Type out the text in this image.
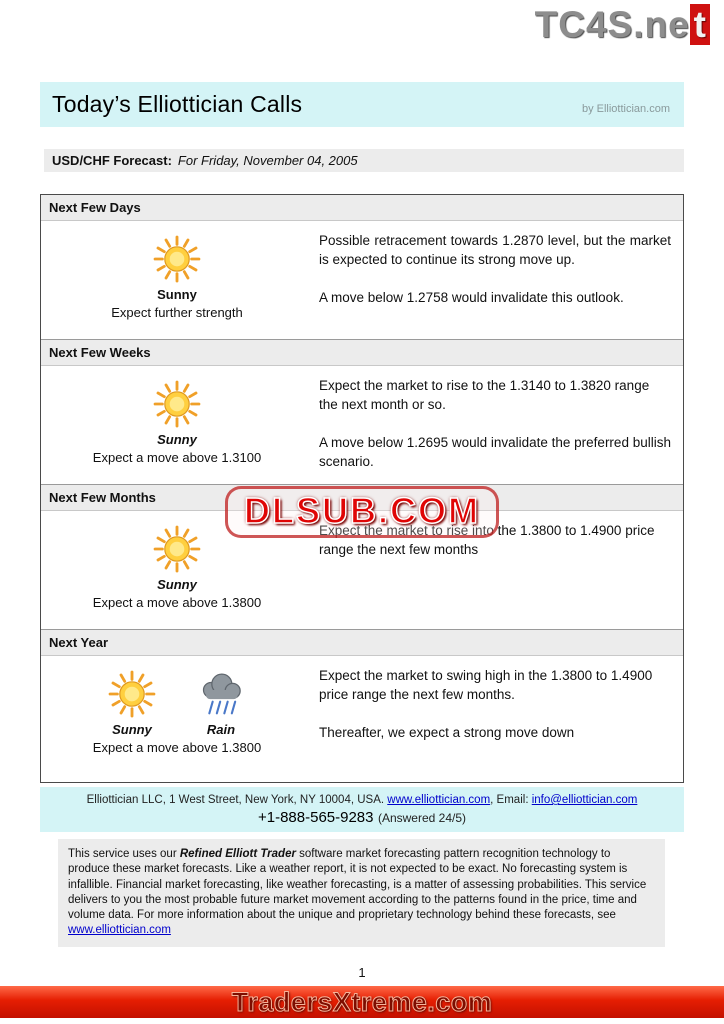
TC4S.ne t
Today’s Elliottician Calls	by Elliottician.com
USD/CHF Forecast: For Friday, November 04, 2005
Next Few Days
Sunny
Expect further strength

Possible retracement towards 1.2870 level, but the market is expected to continue its strong move up.

A move below 1.2758 would invalidate this outlook.

Next Few Weeks
Sunny
Expect a move above 1.3100

Expect the market to rise to the 1.3140 to 1.3820 range the next month or so.

A move below 1.2695 would invalidate the preferred bullish scenario.

Next Few Months
Sunny
Expect a move above 1.3800

Expect the market to rise into the 1.3800 to 1.4900 price range the next few months

Next Year
Sunny	Rain
Expect a move above 1.3800

Expect the market to swing high in the 1.3800 to 1.4900 price range the next few months.

Thereafter, we expect a strong move down

Elliottician LLC, 1 West Street, New York, NY 10004, USA. www.elliottician.com, Email: info@elliottician.com
+1-888-565-9283 (Answered 24/5)
This service uses our Refined Elliott Trader software market forecasting pattern recognition technology to produce these market forecasts. Like a weather report, it is not expected to be exact. No forecasting system is infallible. Financial market forecasting, like weather forecasting, is a matter of assessing probabilities. This service delivers to you the most probable future market movement according to the patterns found in the price, time and volume data. For more information about the unique and proprietary technology behind these forecasts, see www.elliottician.com
1
DLSUB.COM
TradersXtreme.com
